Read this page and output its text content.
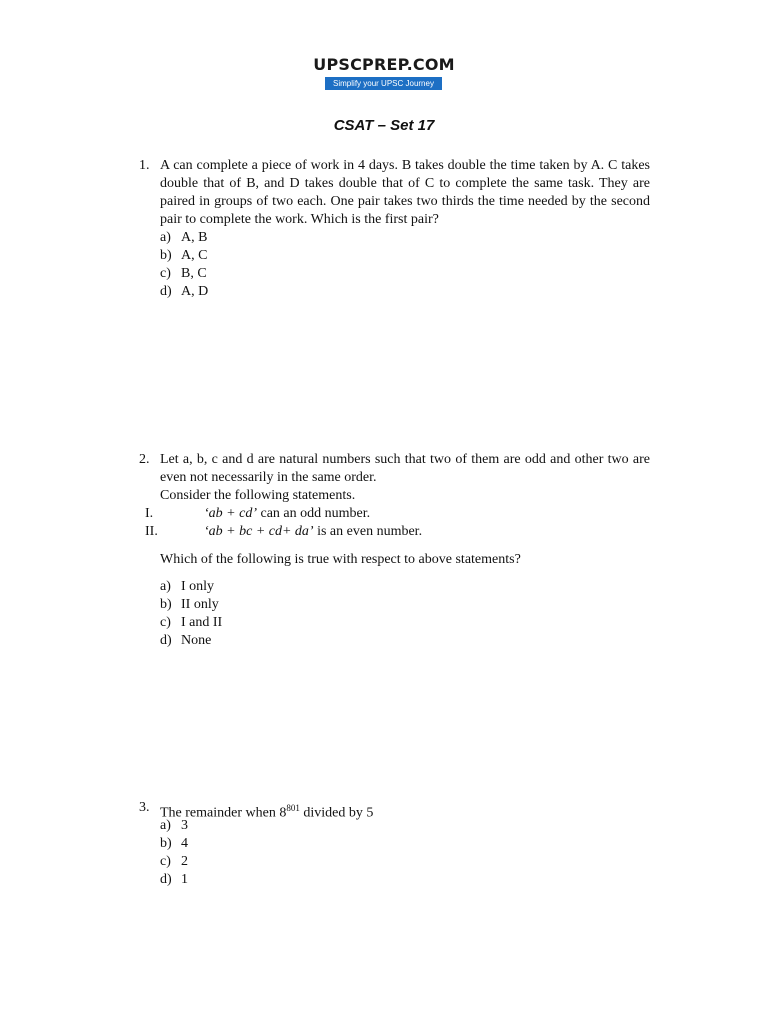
UPSCPREP.COM
Simplify your UPSC Journey
CSAT – Set 17
1. A can complete a piece of work in 4 days. B takes double the time taken by A. C takes double that of B, and D takes double that of C to complete the same task. They are paired in groups of two each. One pair takes two thirds the time needed by the second pair to complete the work. Which is the first pair?
a) A, B
b) A, C
c) B, C
d) A, D
2. Let a, b, c and d are natural numbers such that two of them are odd and other two are even not necessarily in the same order.
Consider the following statements.
I.	‘ab + cd’ can an odd number.
II.	‘ab + bc + cd+ da’ is an even number.
Which of the following is true with respect to above statements?
a) I only
b) II only
c) I and II
d) None
3. The remainder when $8^{801}$ divided by 5
a) 3
b) 4
c) 2
d) 1
